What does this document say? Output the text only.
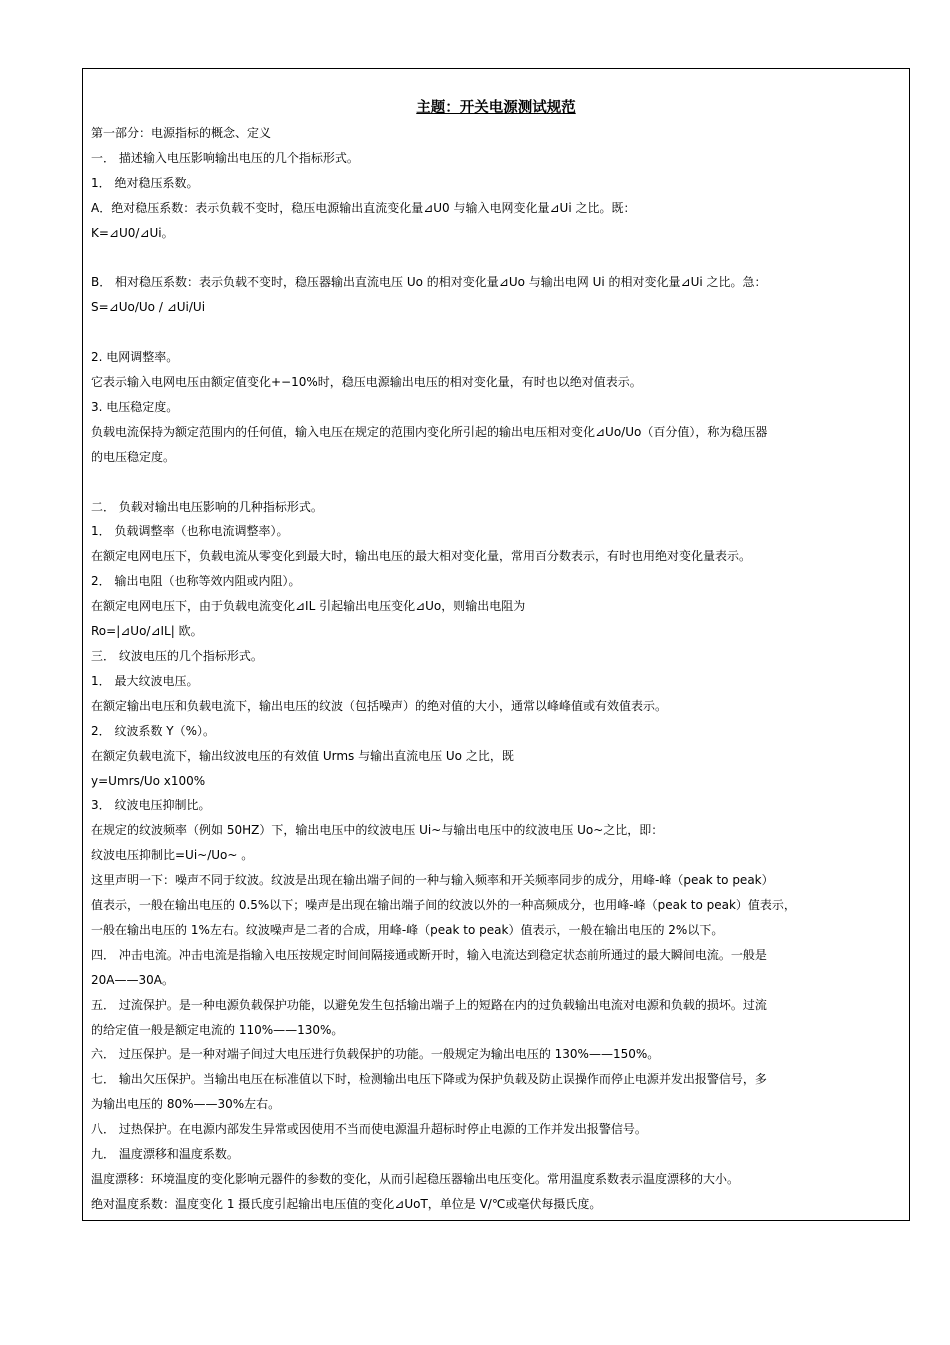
主题：开关电源测试规范
第一部分：电源指标的概念、定义
一． 描述输入电压影响输出电压的几个指标形式。
1． 绝对稳压系数。
A．绝对稳压系数：表示负载不变时，稳压电源输出直流变化量⊿U0 与输入电网变化量⊿Ui 之比。既：
K=⊿U0/⊿Ui。
B． 相对稳压系数：表示负载不变时，稳压器输出直流电压 Uo 的相对变化量⊿Uo 与输出电网 Ui 的相对变化量⊿Ui 之比。急：
S=⊿Uo/Uo / ⊿Ui/Ui
2. 电网调整率。
它表示输入电网电压由额定值变化+−10%时，稳压电源输出电压的相对变化量，有时也以绝对值表示。
3. 电压稳定度。
负载电流保持为额定范围内的任何值，输入电压在规定的范围内变化所引起的输出电压相对变化⊿Uo/Uo（百分值），称为稳压器
的电压稳定度。
二． 负载对输出电压影响的几种指标形式。
1． 负载调整率（也称电流调整率）。
在额定电网电压下，负载电流从零变化到最大时，输出电压的最大相对变化量，常用百分数表示，有时也用绝对变化量表示。
2． 输出电阻（也称等效内阻或内阻）。
在额定电网电压下，由于负载电流变化⊿IL 引起输出电压变化⊿Uo，则输出电阻为
Ro=|⊿Uo/⊿IL| 欧。
三． 纹波电压的几个指标形式。
1． 最大纹波电压。
在额定输出电压和负载电流下，输出电压的纹波（包括噪声）的绝对值的大小，通常以峰峰值或有效值表示。
2． 纹波系数 Y（%）。
在额定负载电流下，输出纹波电压的有效值 Urms 与输出直流电压 Uo 之比，既
y=Umrs/Uo x100%
3． 纹波电压抑制比。
在规定的纹波频率（例如 50HZ）下，输出电压中的纹波电压 Ui~与输出电压中的纹波电压 Uo~之比，即：
纹波电压抑制比=Ui~/Uo~ 。
这里声明一下：噪声不同于纹波。纹波是出现在输出端子间的一种与输入频率和开关频率同步的成分，用峰-峰（peak to peak）
值表示，一般在输出电压的 0.5%以下；噪声是出现在输出端子间的纹波以外的一种高频成分，也用峰-峰（peak to peak）值表示，
一般在输出电压的 1%左右。纹波噪声是二者的合成，用峰-峰（peak to peak）值表示，一般在输出电压的 2%以下。
四． 冲击电流。冲击电流是指输入电压按规定时间间隔接通或断开时，输入电流达到稳定状态前所通过的最大瞬间电流。一般是
20A——30A。
五． 过流保护。是一种电源负载保护功能，以避免发生包括输出端子上的短路在内的过负载输出电流对电源和负载的损坏。过流
的给定值一般是额定电流的 110%——130%。
六． 过压保护。是一种对端子间过大电压进行负载保护的功能。一般规定为输出电压的 130%——150%。
七． 输出欠压保护。当输出电压在标准值以下时，检测输出电压下降或为保护负载及防止误操作而停止电源并发出报警信号，多
为输出电压的 80%——30%左右。
八． 过热保护。在电源内部发生异常或因使用不当而使电源温升超标时停止电源的工作并发出报警信号。
九． 温度漂移和温度系数。
温度漂移：环境温度的变化影响元器件的参数的变化，从而引起稳压器输出电压变化。常用温度系数表示温度漂移的大小。
绝对温度系数：温度变化 1 摄氏度引起输出电压值的变化⊿UoT，单位是 V/℃或毫伏每摄氏度。
